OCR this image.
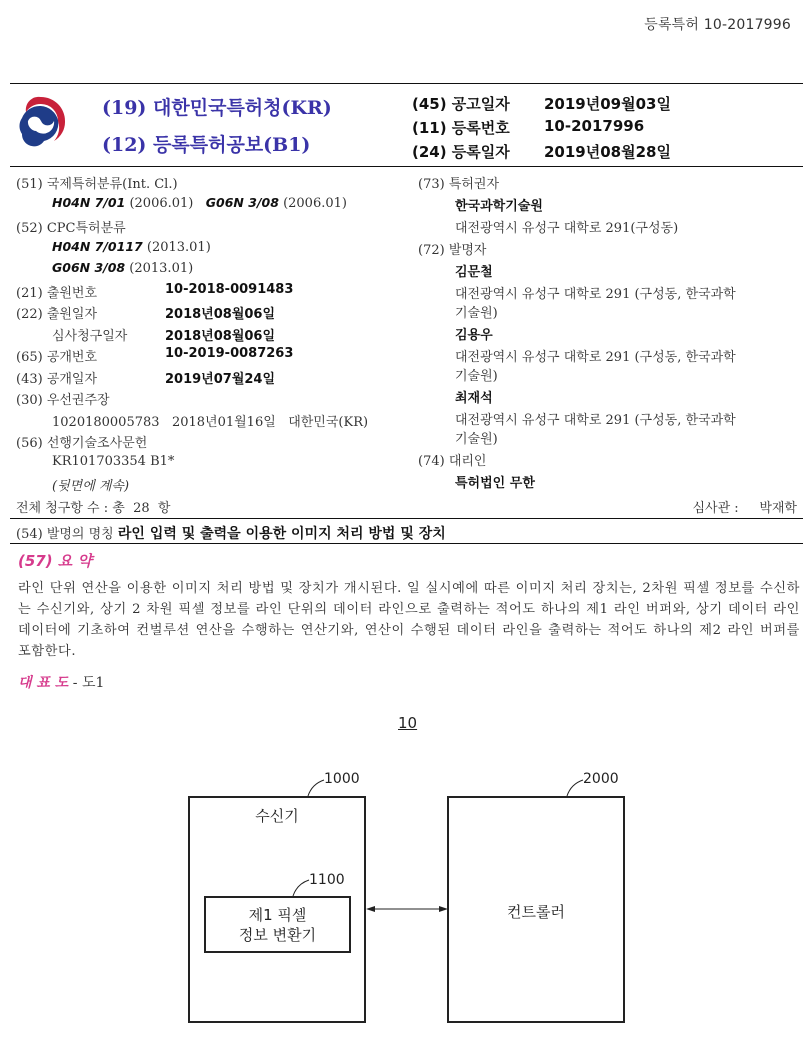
등록특허 10-2017996
(19) 대한민국특허청(KR)
(12) 등록특허공보(B1)
(45) 공고일자 2019년09월03일
(11) 등록번호 10-2017996
(24) 등록일자 2019년08월28일
(51) 국제특허분류(Int. Cl.)
H04N 7/01 (2006.01) G06N 3/08 (2006.01)
(52) CPC특허분류
H04N 7/0117 (2013.01)
G06N 3/08 (2013.01)
(21) 출원번호	10-2018-0091483
(22) 출원일자	2018년08월06일
심사청구일자	2018년08월06일
(65) 공개번호	10-2019-0087263
(43) 공개일자	2019년07월24일
(30) 우선권주장
1020180005783 2018년01월16일 대한민국(KR)
(56) 선행기술조사문헌
KR101703354 B1*
(뒷면에 계속)
전체 청구항 수 : 총  28  항
(73) 특허권자
한국과학기술원
대전광역시 유성구 대학로 291(구성동)
(72) 발명자
김문철
대전광역시 유성구 대학로 291 (구성동, 한국과학
기술원)
김용우
대전광역시 유성구 대학로 291 (구성동, 한국과학
기술원)
최재석
대전광역시 유성구 대학로 291 (구성동, 한국과학
기술원)
(74) 대리인
특허법인 무한
심사관 :     박재학
(54) 발명의 명칭 라인 입력 및 출력을 이용한 이미지 처리 방법 및 장치
(57) 요 약
라인 단위 연산을 이용한 이미지 처리 방법 및 장치가 개시된다. 일 실시예에 따른 이미지 처리 장치는, 2차원 픽셀 정보를 수신하는 수신기와, 상기 2 차원 픽셀 정보를 라인 단위의 데이터 라인으로 출력하는 적어도 하나의 제1 라인 버퍼와, 상기 데이터 라인 데이터에 기초하여 컨벌루션 연산을 수행하는 연산기와, 연산이 수행된 데이터 라인을 출력하는 적어도 하나의 제2 라인 버퍼를 포함한다.
대 표 도 - 도1
10
1000
수신기
1100
제1 픽셀
정보 변환기
2000
컨트롤러
